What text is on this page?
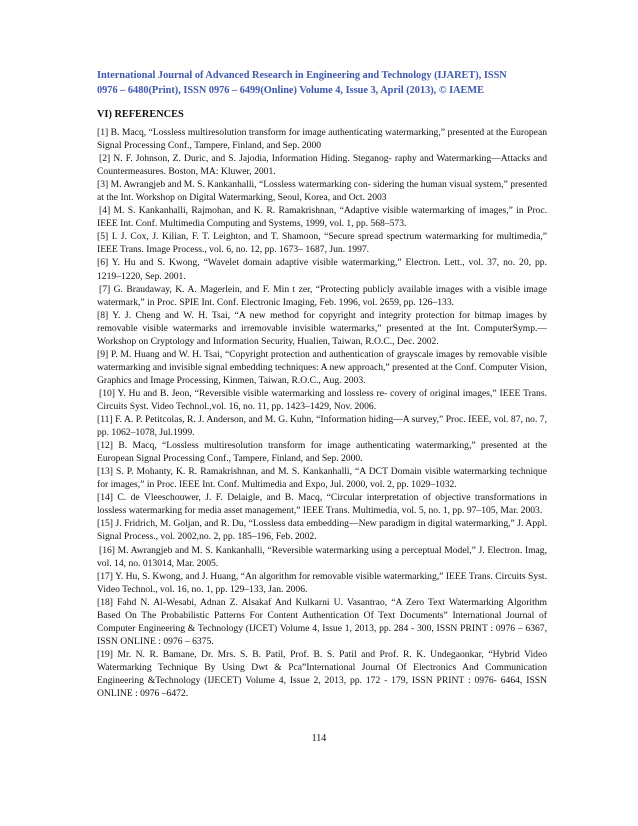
International Journal of Advanced Research in Engineering and Technology (IJARET), ISSN
0976 – 6480(Print), ISSN 0976 – 6499(Online) Volume 4, Issue 3, April (2013), © IAEME
VI) REFERENCES

[1] B. Macq, “Lossless multiresolution transform for image authenticating watermarking,” presented at the European Signal Processing Conf., Tampere, Finland, and Sep. 2000

[2] N. F. Johnson, Z. Duric, and S. Jajodia, Information Hiding. Steganog- raphy and Watermarking—Attacks and Countermeasures. Boston, MA: Kluwer, 2001.

[3] M. Awrangjeb and M. S. Kankanhalli, “Lossless watermarking con- sidering the human visual system,” presented at the Int. Workshop on Digital Watermarking, Seoul, Korea, and Oct. 2003

[4] M. S. Kankanhalli, Rajmohan, and K. R. Ramakrishnan, “Adaptive visible watermarking of images,” in Proc. IEEE Int. Conf. Multimedia Computing and Systems, 1999, vol. 1, pp. 568–573.

[5] I. J. Cox, J. Kilian, F. T. Leighton, and T. Shamoon, “Secure spread spectrum watermarking for multimedia,” IEEE Trans. Image Process., vol. 6, no. 12, pp. 1673– 1687, Jun. 1997.

[6] Y. Hu and S. Kwong, “Wavelet domain adaptive visible watermarking,” Electron. Lett., vol. 37, no. 20, pp. 1219–1220, Sep. 2001.

[7] G. Braudaway, K. A. Magerlein, and F. Min t zer, “Protecting publicly available images with a visible image watermark,” in Proc. SPIE Int. Conf. Electronic Imaging, Feb. 1996, vol. 2659, pp. 126–133.

[8] Y. J. Cheng and W. H. Tsai, “A new method for copyright and integrity protection for bitmap images by removable visible watermarks and irremovable invisible watermarks,” presented at the Int. ComputerSymp.—Workshop on Cryptology and Information Security, Hualien, Taiwan, R.O.C., Dec. 2002.

[9] P. M. Huang and W. H. Tsai, “Copyright protection and authentication of grayscale images by removable visible watermarking and invisible signal embedding techniques: A new approach,” presented at the Conf. Computer Vision, Graphics and Image Processing, Kinmen, Taiwan, R.O.C., Aug. 2003.

[10] Y. Hu and B. Jeon, “Reversible visible watermarking and lossless re- covery of original images,” IEEE Trans. Circuits Syst. Video Technol.,vol. 16, no. 11, pp. 1423–1429, Nov. 2006.

[11] F. A. P. Petitcolas, R. J. Anderson, and M. G. Kuhn, “Information hiding—A survey,” Proc. IEEE, vol. 87, no. 7, pp. 1062–1078, Jul.1999.

[12] B. Macq, “Lossless multiresolution transform for image authenticating watermarking,” presented at the European Signal Processing Conf., Tampere, Finland, and Sep. 2000.

[13] S. P. Mohanty, K. R. Ramakrishnan, and M. S. Kankanhalli, “A DCT Domain visible watermarking technique for images,” in Proc. IEEE Int. Conf. Multimedia and Expo, Jul. 2000, vol. 2, pp. 1029–1032.

[14] C. de Vleeschouwer, J. F. Delaigle, and B. Macq, “Circular interpretation of objective transformations in lossless watermarking for media asset management,” IEEE Trans. Multimedia, vol. 5, no. 1, pp. 97–105, Mar. 2003.

[15] J. Fridrich, M. Goljan, and R. Du, “Lossless data embedding—New paradigm in digital watermarking,” J. Appl. Signal Process., vol. 2002,no. 2, pp. 185–196, Feb. 2002.

[16] M. Awrangjeb and M. S. Kankanhalli, “Reversible watermarking using a perceptual Model,” J. Electron. Imag, vol. 14, no. 013014, Mar. 2005.

[17] Y. Hu, S. Kwong, and J. Huang, “An algorithm for removable visible watermarking,” IEEE Trans. Circuits Syst. Video Technol., vol. 16, no. 1, pp. 129–133, Jan. 2006.

[18] Fahd N. Al-Wesabi, Adnan Z. Alsakaf And Kulkarni U. Vasantrao, “A Zero Text Watermarking Algorithm Based On The Probabilistic Patterns For Content Authentication Of Text Documents” International Journal of Computer Engineering & Technology (IJCET) Volume 4, Issue 1, 2013, pp. 284 - 300, ISSN PRINT : 0976 – 6367, ISSN ONLINE : 0976 – 6375.

[19] Mr. N. R. Bamane, Dr. Mrs. S. B. Patil, Prof. B. S. Patil and Prof. R. K. Undegaonkar, “Hybrid Video Watermarking Technique By Using Dwt & Pca”International Journal Of Electronics And Communication Engineering &Technology (IJECET) Volume 4, Issue 2, 2013, pp. 172 - 179, ISSN PRINT : 0976- 6464, ISSN ONLINE : 0976 –6472.

114
